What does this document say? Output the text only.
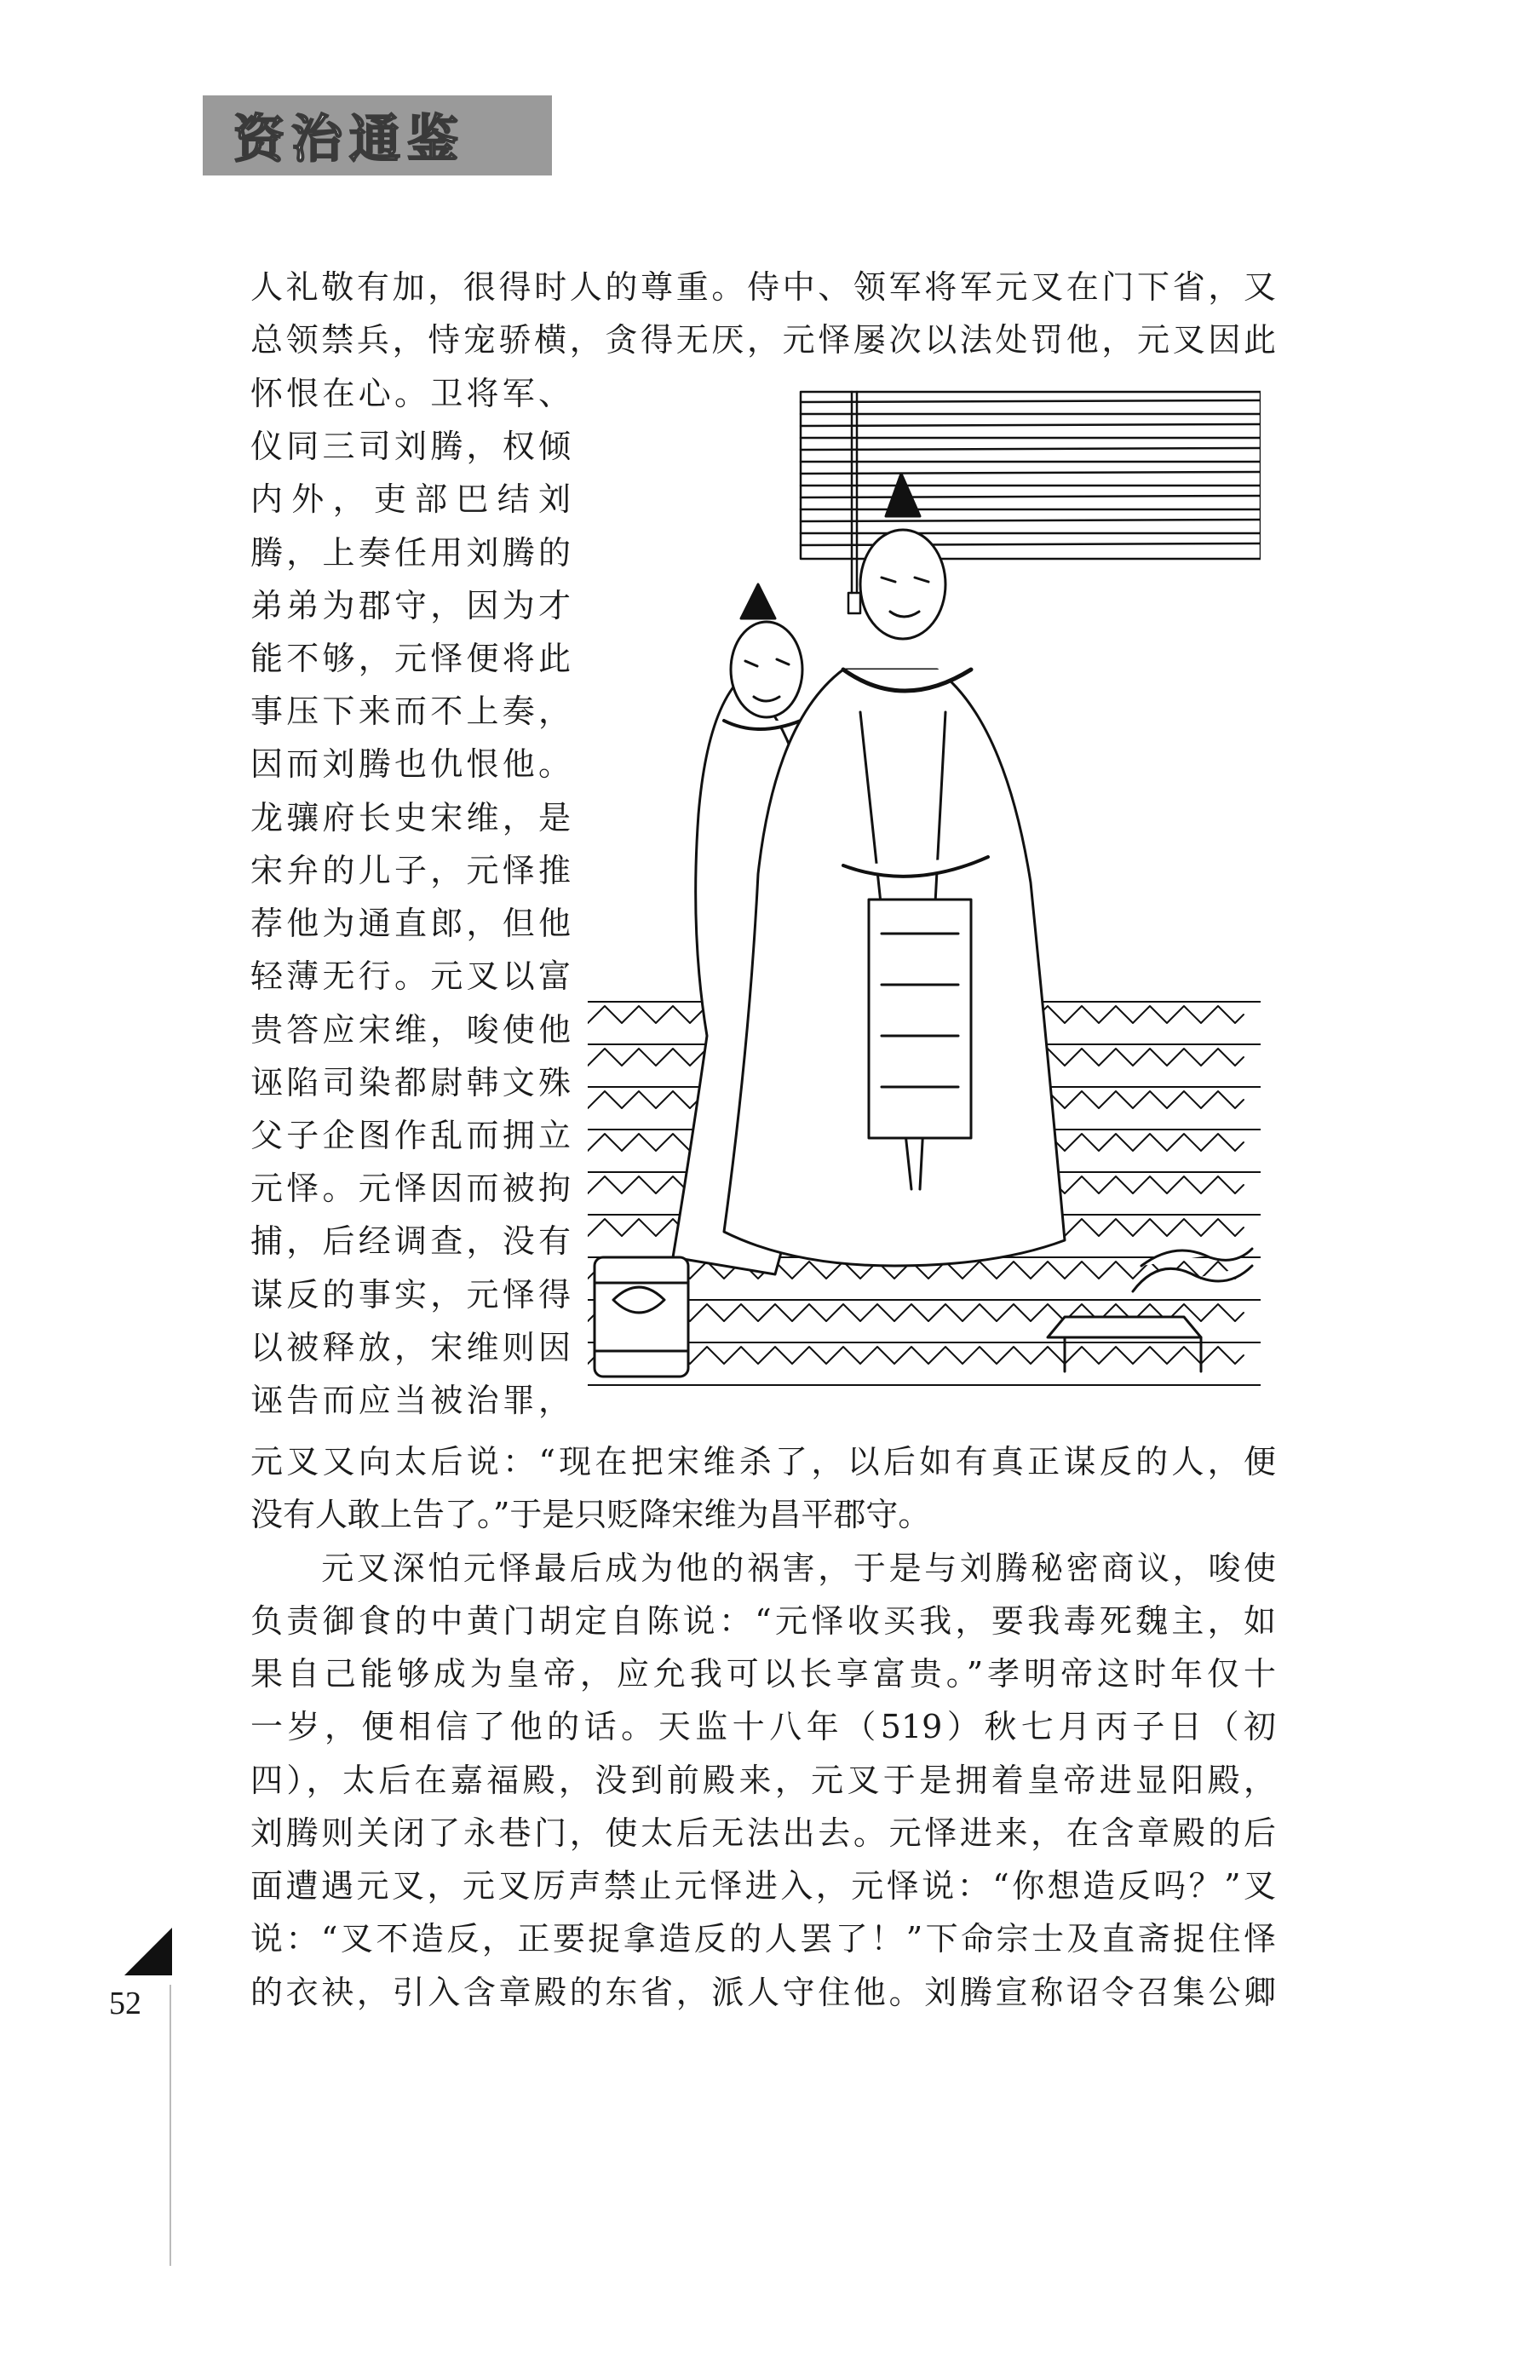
资治通鉴
人礼敬有加，很得时人的尊重。侍中、领军将军元叉在门下省，又
总领禁兵，恃宠骄横，贪得无厌，元怿屡次以法处罚他，元叉因此
怀恨在心。卫将军、
仪同三司刘腾，权倾
内外，吏部巴结刘
腾，上奏任用刘腾的
弟弟为郡守，因为才
能不够，元怿便将此
事压下来而不上奏，
因而刘腾也仇恨他。
龙骧府长史宋维，是
宋弁的儿子，元怿推
荐他为通直郎，但他
轻薄无行。元叉以富
贵答应宋维，唆使他
诬陷司染都尉韩文殊
父子企图作乱而拥立
元怿。元怿因而被拘
捕，后经调查，没有
谋反的事实，元怿得
以被释放，宋维则因
诬告而应当被治罪，
元叉又向太后说：“现在把宋维杀了，以后如有真正谋反的人，便
没有人敢上告了。”于是只贬降宋维为昌平郡守。
　　元叉深怕元怿最后成为他的祸害，于是与刘腾秘密商议，唆使
负责御食的中黄门胡定自陈说：“元怿收买我，要我毒死魏主，如
果自己能够成为皇帝，应允我可以长享富贵。”孝明帝这时年仅十
一岁，便相信了他的话。天监十八年（519）秋七月丙子日（初
四），太后在嘉福殿，没到前殿来，元叉于是拥着皇帝进显阳殿，
刘腾则关闭了永巷门，使太后无法出去。元怿进来，在含章殿的后
面遭遇元叉，元叉厉声禁止元怿进入，元怿说：“你想造反吗？”叉
说：“叉不造反，正要捉拿造反的人罢了！”下命宗士及直斋捉住怿
的衣袂，引入含章殿的东省，派人守住他。刘腾宣称诏令召集公卿
52
